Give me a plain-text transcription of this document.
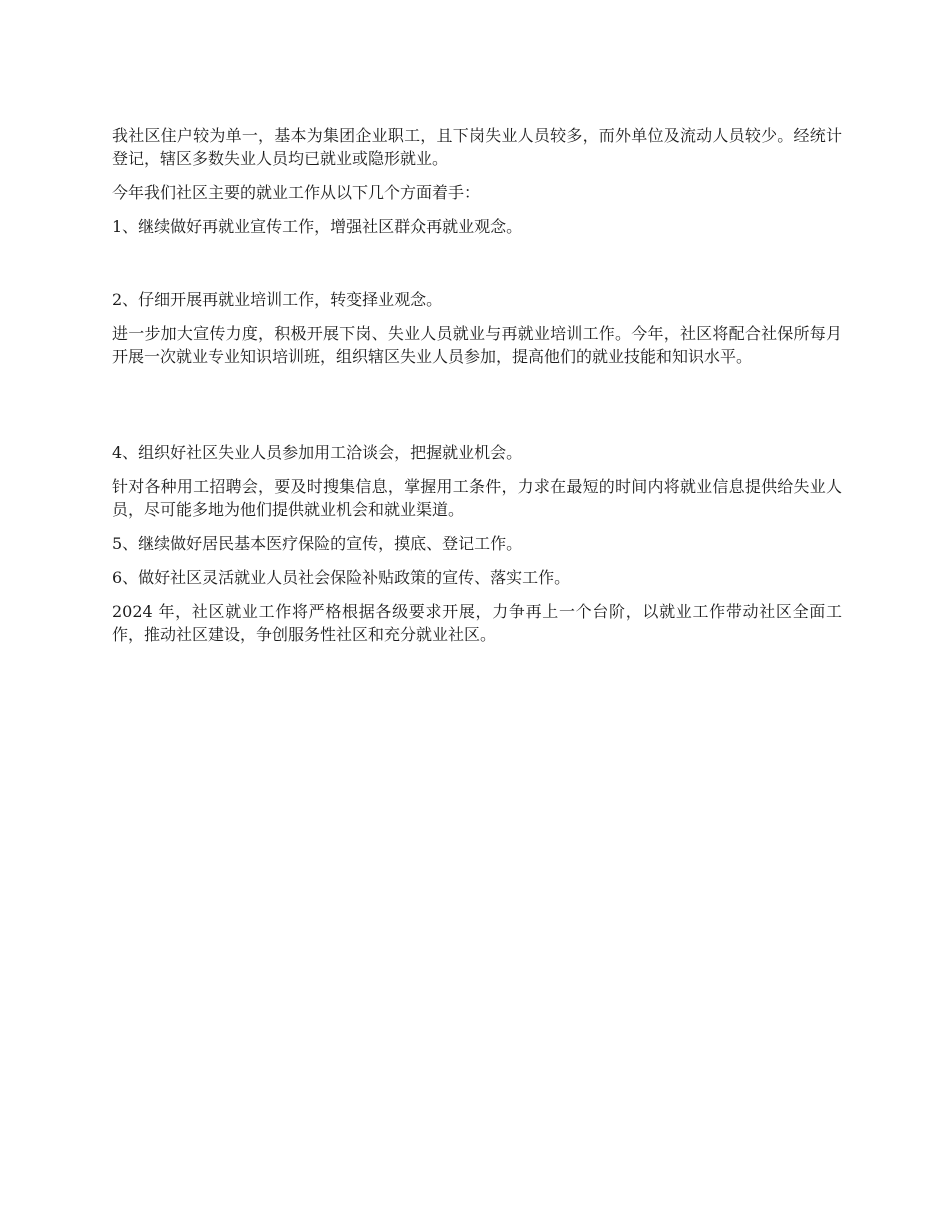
我社区住户较为单一，基本为集团企业职工，且下岗失业人员较多，而外单位及流动人员较少。经统计登记，辖区多数失业人员均已就业或隐形就业。

今年我们社区主要的就业工作从以下几个方面着手：

1、继续做好再就业宣传工作，增强社区群众再就业观念。

2、仔细开展再就业培训工作，转变择业观念。

进一步加大宣传力度，积极开展下岗、失业人员就业与再就业培训工作。今年，社区将配合社保所每月开展一次就业专业知识培训班，组织辖区失业人员参加，提高他们的就业技能和知识水平。

4、组织好社区失业人员参加用工洽谈会，把握就业机会。

针对各种用工招聘会，要及时搜集信息，掌握用工条件，力求在最短的时间内将就业信息提供给失业人员，尽可能多地为他们提供就业机会和就业渠道。

5、继续做好居民基本医疗保险的宣传，摸底、登记工作。

6、做好社区灵活就业人员社会保险补贴政策的宣传、落实工作。

2024 年，社区就业工作将严格根据各级要求开展，力争再上一个台阶，以就业工作带动社区全面工作，推动社区建设，争创服务性社区和充分就业社区。
